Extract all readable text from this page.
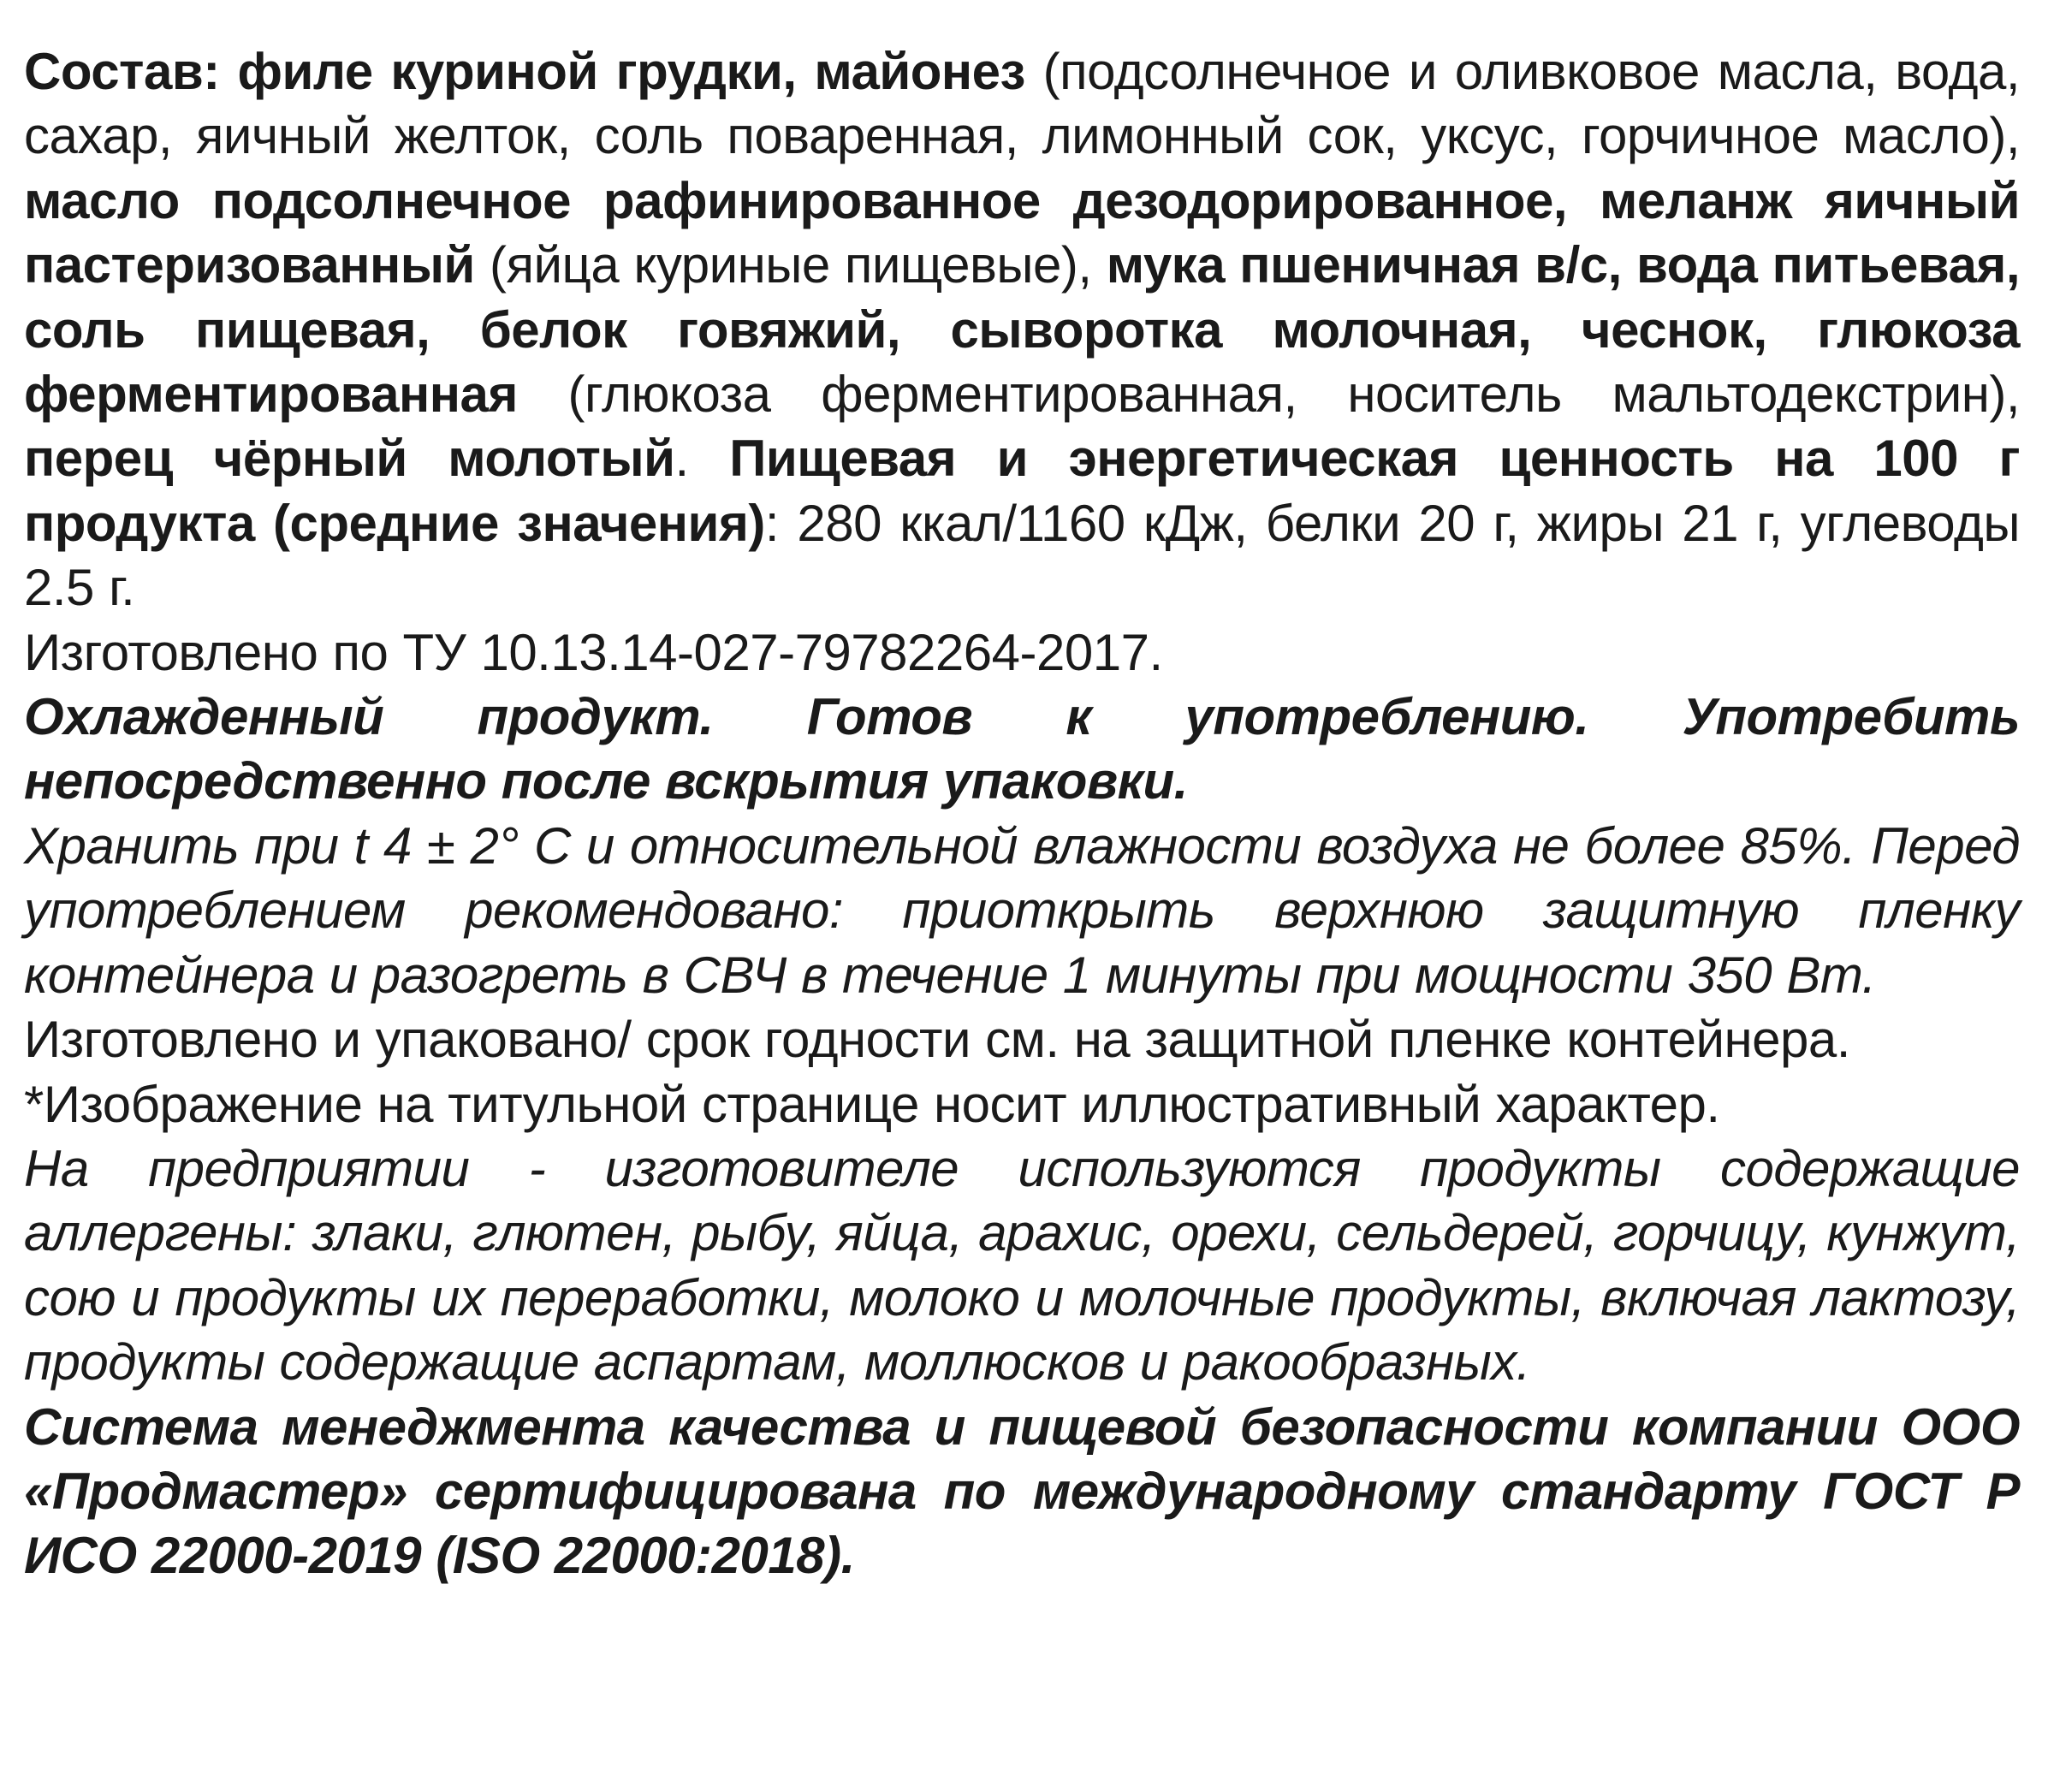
Состав: филе куриной грудки, майонез (подсолнечное и оливковое масла, вода, сахар, яичный желток, соль поваренная, лимонный сок, уксус, горчичное масло), масло подсолнечное рафинированное дезодорированное, меланж яичный пастеризованный (яйца куриные пищевые), мука пшеничная в/с, вода питьевая, соль пищевая, белок говяжий, сыворотка молочная, чеснок, глюкоза ферментированная (глюкоза ферментированная, носитель мальтодекстрин), перец чёрный молотый. Пищевая и энергетическая ценность на 100 г продукта (средние значения): 280 ккал/1160 кДж, белки 20 г, жиры 21 г, углеводы 2.5 г.

Изготовлено по ТУ 10.13.14-027-79782264-2017.

Охлажденный продукт. Готов к употреблению. Употребить непосредственно после вскрытия упаковки.

Хранить при t 4 ± 2° С и относительной влажности воздуха не более 85%. Перед употреблением рекомендовано: приоткрыть верхнюю защитную пленку контейнера и разогреть в СВЧ в течение 1 минуты при мощности 350 Вт.

Изготовлено и упаковано/ срок годности см. на защитной пленке контейнера.

*Изображение на титульной странице носит иллюстративный характер.

На предприятии - изготовителе используются продукты содержащие аллергены: злаки, глютен, рыбу, яйца, арахис, орехи, сельдерей, горчицу, кунжут, сою и продукты их переработки, молоко и молочные продукты, включая лактозу, продукты содержащие аспартам, моллюсков и ракообразных.

Система менеджмента качества и пищевой безопасности компании ООО «Продмастер» сертифицирована по международному стандарту ГОСТ Р ИСО 22000-2019 (ISO 22000:2018).
